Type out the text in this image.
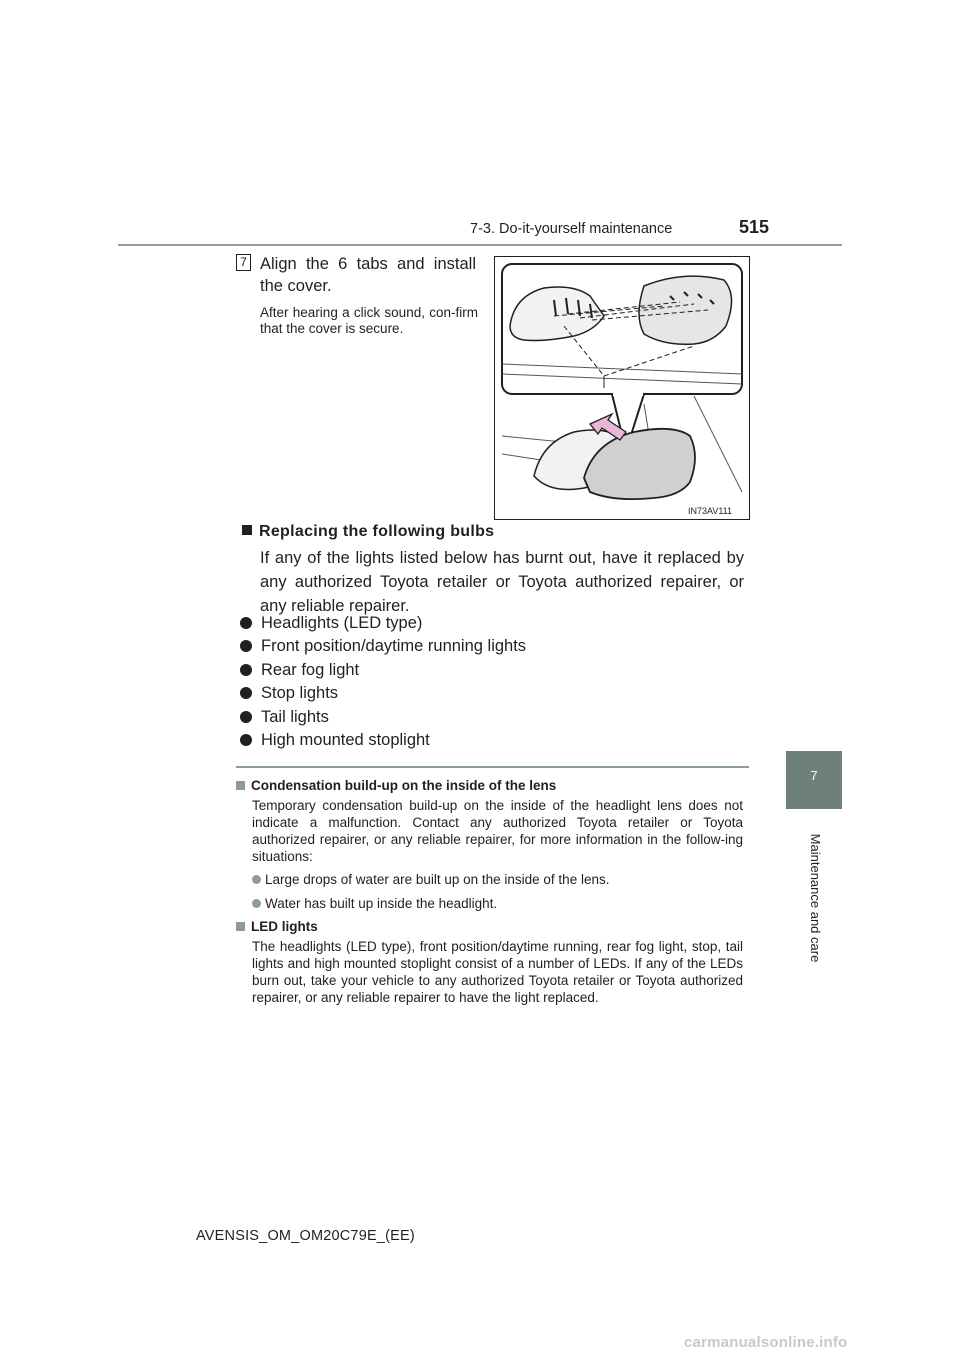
7-3. Do-it-yourself maintenance	515
7
Maintenance and care
7 Align the 6 tabs and install the cover.
After hearing a click sound, con-firm that the cover is secure.
IN73AV111
Replacing the following bulbs
If any of the lights listed below has burnt out, have it replaced by any authorized Toyota retailer or Toyota authorized repairer, or any reliable repairer.
Headlights (LED type)
Front position/daytime running lights
Rear fog light
Stop lights
Tail lights
High mounted stoplight
Condensation build-up on the inside of the lens
Temporary condensation build-up on the inside of the headlight lens does not indicate a malfunction. Contact any authorized Toyota retailer or Toyota authorized repairer, or any reliable repairer, for more information in the follow-ing situations:
Large drops of water are built up on the inside of the lens.
Water has built up inside the headlight.
LED lights
The headlights (LED type), front position/daytime running, rear fog light, stop, tail lights and high mounted stoplight consist of a number of LEDs. If any of the LEDs burn out, take your vehicle to any authorized Toyota retailer or Toyota authorized repairer, or any reliable repairer to have the light replaced.
AVENSIS_OM_OM20C79E_(EE)
carmanualsonline.info
